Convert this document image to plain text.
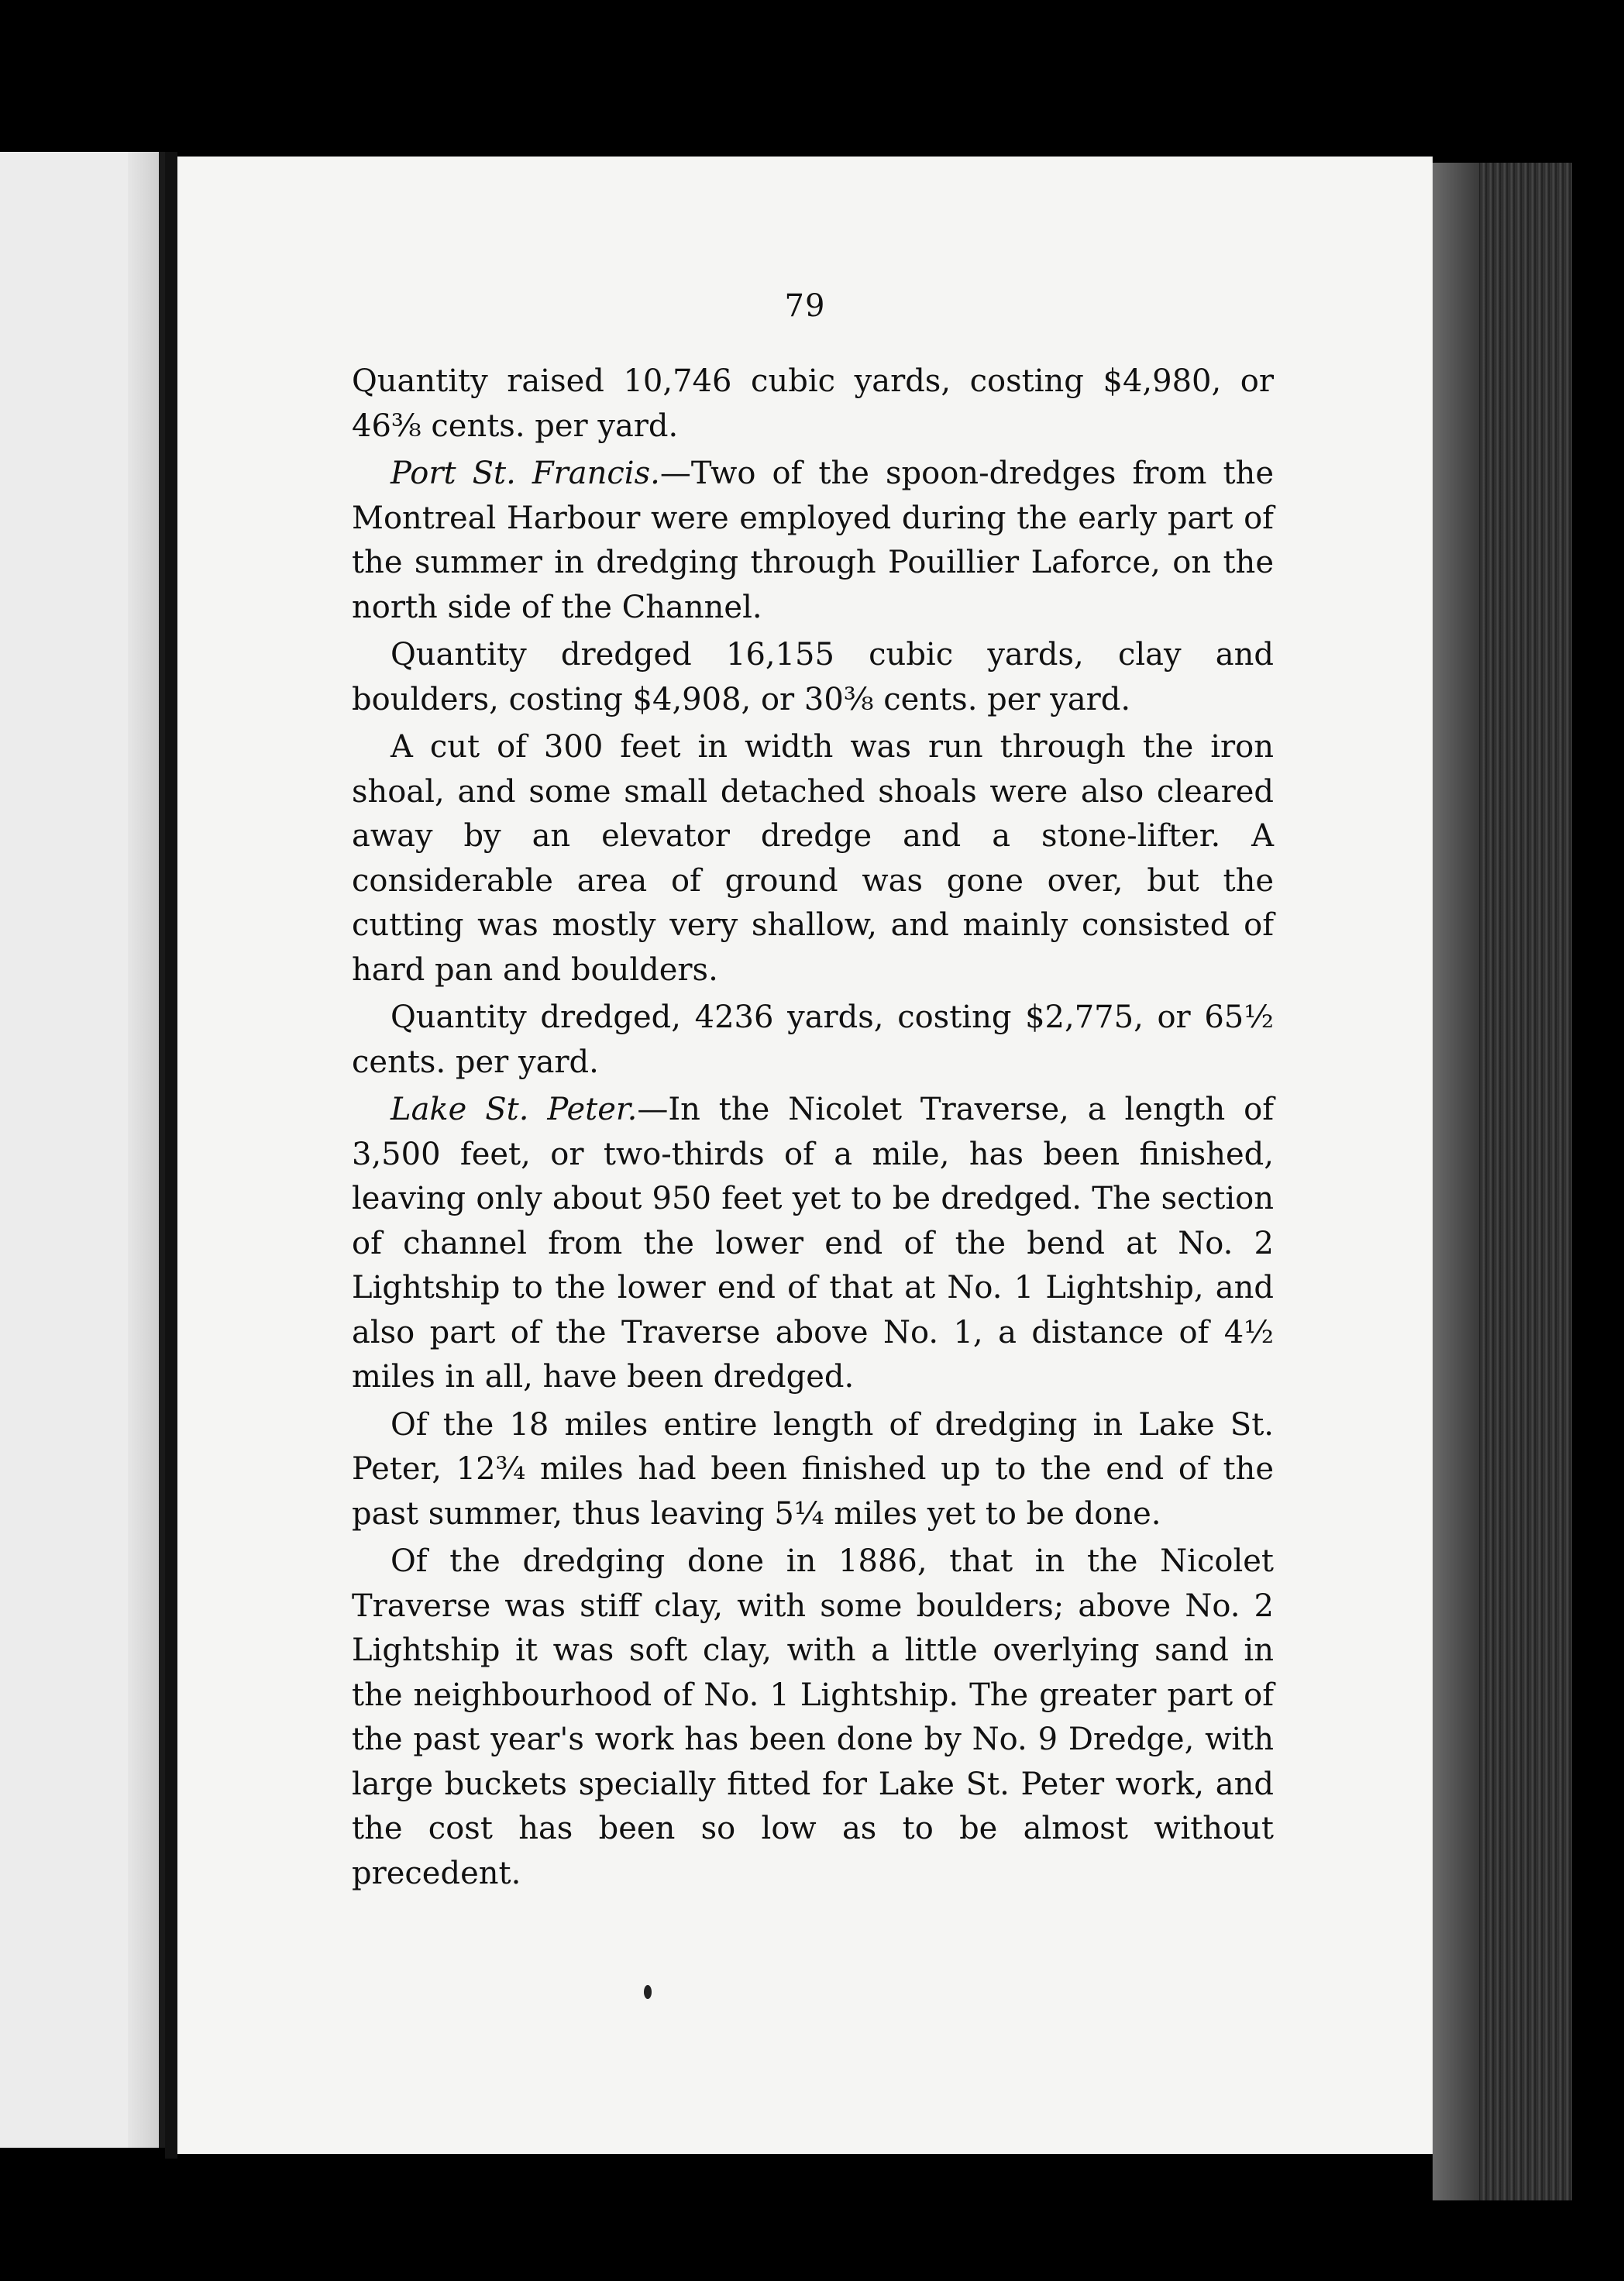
79

Quantity raised 10,746 cubic yards, costing $4,980, or 46⅜ cents. per yard.

Port St. Francis.—Two of the spoon-dredges from the Montreal Harbour were employed during the early part of the summer in dredging through Pouillier Laforce, on the north side of the Channel.

Quantity dredged 16,155 cubic yards, clay and boulders, costing $4,908, or 30⅜ cents. per yard.

A cut of 300 feet in width was run through the iron shoal, and some small detached shoals were also cleared away by an elevator dredge and a stone-lifter. A considerable area of ground was gone over, but the cutting was mostly very shallow, and mainly consisted of hard pan and boulders.

Quantity dredged, 4236 yards, costing $2,775, or 65½ cents. per yard.

Lake St. Peter.—In the Nicolet Traverse, a length of 3,500 feet, or two-thirds of a mile, has been finished, leaving only about 950 feet yet to be dredged. The section of channel from the lower end of the bend at No. 2 Lightship to the lower end of that at No. 1 Lightship, and also part of the Traverse above No. 1, a distance of 4½ miles in all, have been dredged.

Of the 18 miles entire length of dredging in Lake St. Peter, 12¾ miles had been finished up to the end of the past summer, thus leaving 5¼ miles yet to be done.

Of the dredging done in 1886, that in the Nicolet Traverse was stiff clay, with some boulders; above No. 2 Lightship it was soft clay, with a little overlying sand in the neighbourhood of No. 1 Lightship. The greater part of the past year's work has been done by No. 9 Dredge, with large buckets specially fitted for Lake St. Peter work, and the cost has been so low as to be almost without precedent.
